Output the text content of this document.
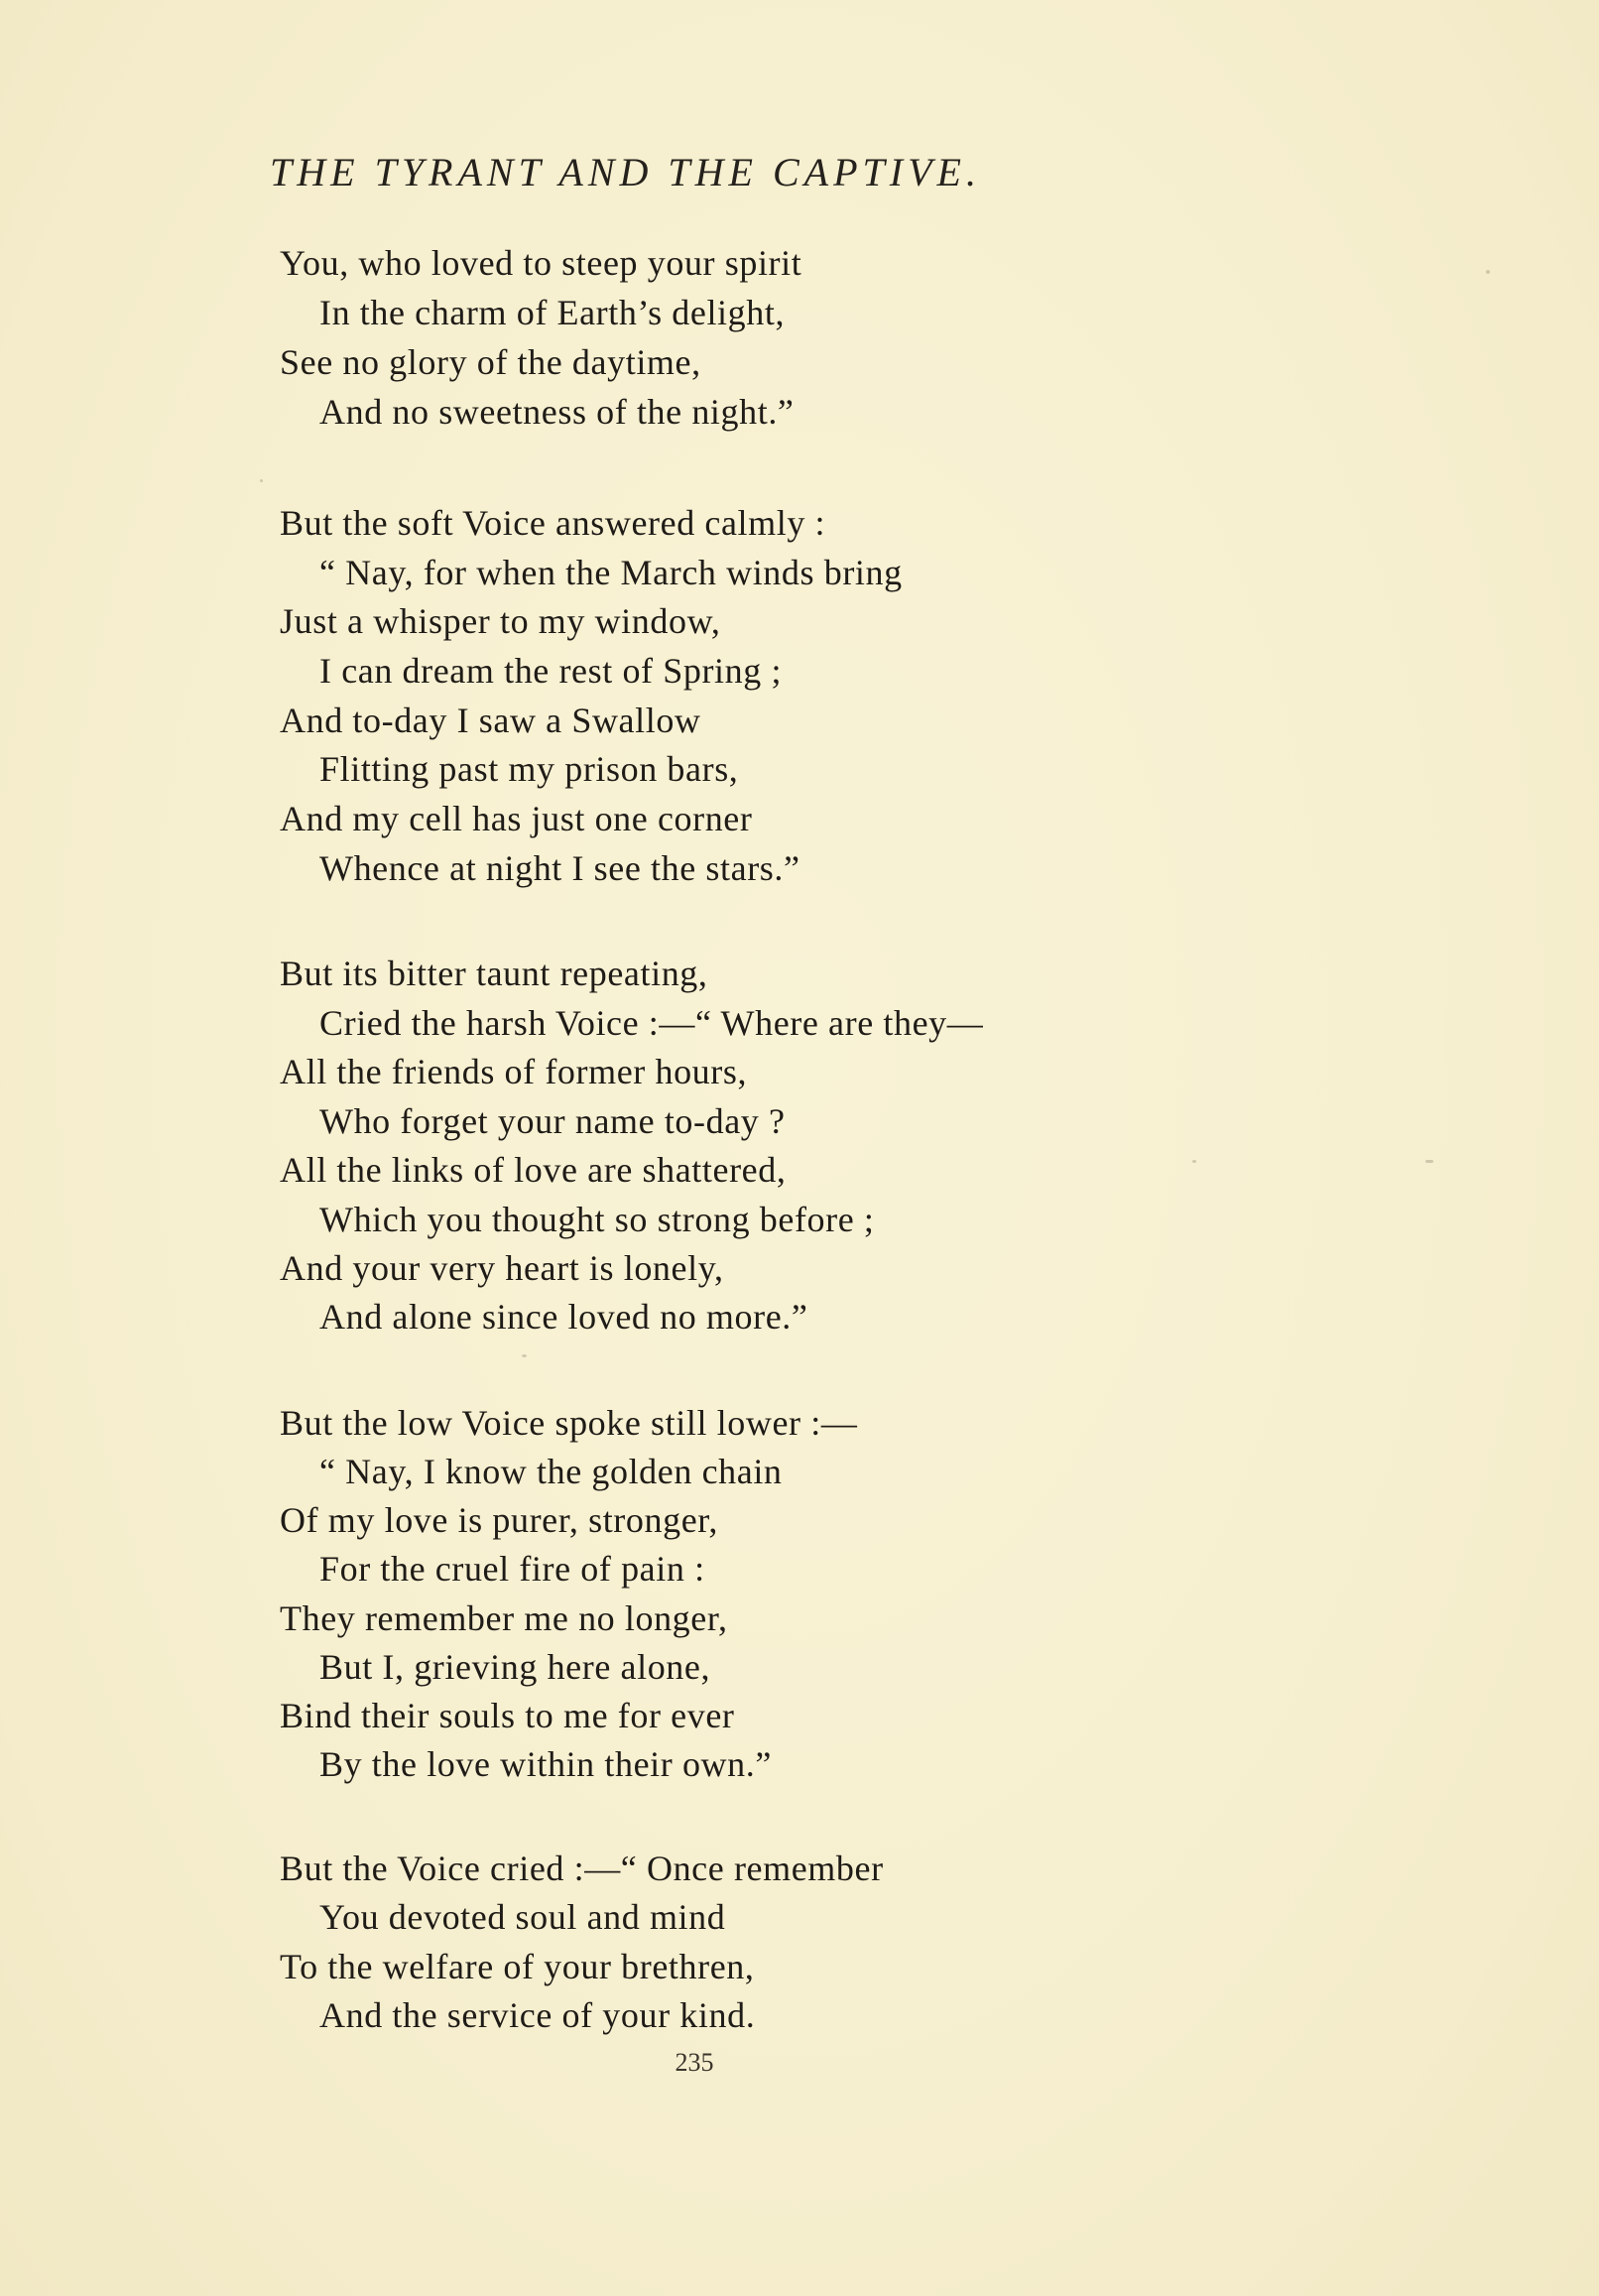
THE TYRANT AND THE CAPTIVE.
You, who loved to steep your spirit
In the charm of Earth’s delight,
See no glory of the daytime,
And no sweetness of the night.”
But the soft Voice answered calmly :
“ Nay, for when the March winds bring
Just a whisper to my window,
I can dream the rest of Spring ;
And to-day I saw a Swallow
Flitting past my prison bars,
And my cell has just one corner
Whence at night I see the stars.”
But its bitter taunt repeating,
Cried the harsh Voice :—“ Where are they—
All the friends of former hours,
Who forget your name to-day ?
All the links of love are shattered,
Which you thought so strong before ;
And your very heart is lonely,
And alone since loved no more.”
But the low Voice spoke still lower :—
“ Nay, I know the golden chain
Of my love is purer, stronger,
For the cruel fire of pain :
They remember me no longer,
But I, grieving here alone,
Bind their souls to me for ever
By the love within their own.”
But the Voice cried :—“ Once remember
You devoted soul and mind
To the welfare of your brethren,
And the service of your kind.
235
